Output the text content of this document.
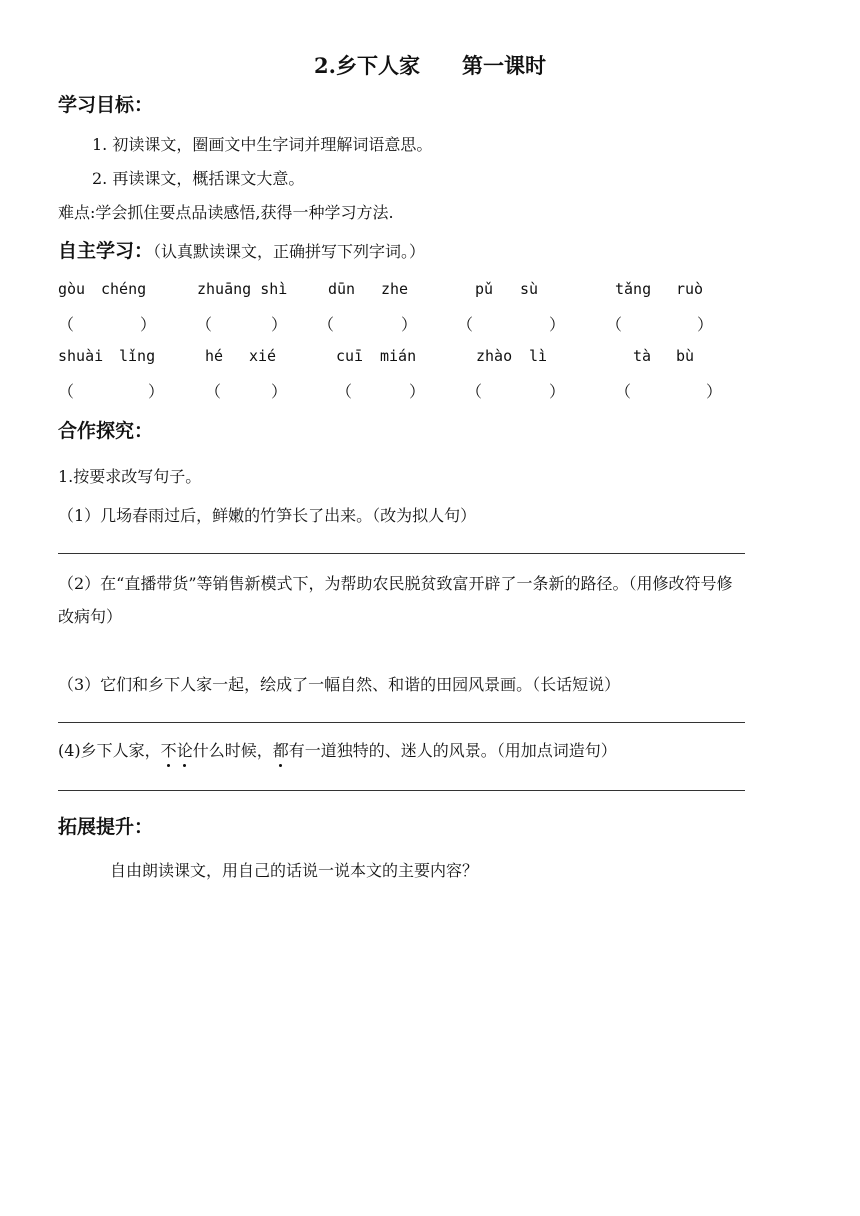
2.乡下人家　　第一课时
学习目标：
1. 初读课文，圈画文中生字词并理解词语意思。
2. 再读课文，概括课文大意。
难点:学会抓住要点品读感悟,获得一种学习方法.
自主学习：（认真默读课文，正确拼写下列字词。）
gòu chéng	zhuāng shì	dūn zhe	pǔ sù	tǎng ruò
（	） （	） （	） （	）	（	）
shuài lǐng	hé xié	cuī mián	zhào lì	tà bù
（	）	（	）	（	）	（	）	（	）
合作探究：
1.按要求改写句子。
（1）几场春雨过后，鲜嫩的竹笋长了出来。（改为拟人句）
（2）在“直播带货”等销售新模式下，为帮助农民脱贫致富开辟了一条新的路径。（用修改符号修
改病句）
（3）它们和乡下人家一起，绘成了一幅自然、和谐的田园风景画。（长话短说）
(4)乡下人家，不论什么时候，都有一道独特的、迷人的风景。（用加点词造句）
拓展提升：
自由朗读课文，用自己的话说一说本文的主要内容？
